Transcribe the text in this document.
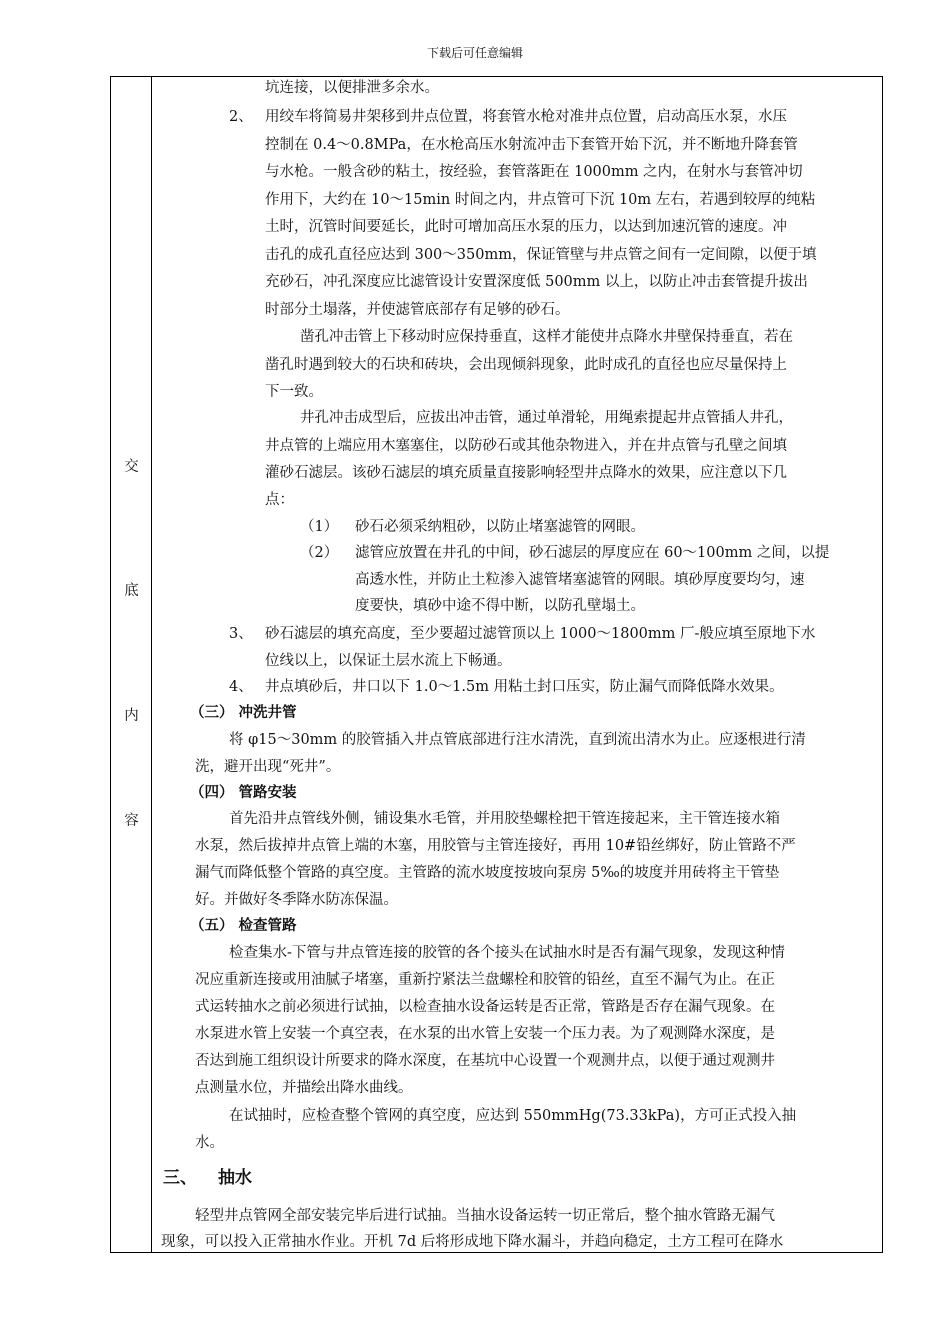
下载后可任意编辑
交
底
内
容
坑连接，以便排泄多余水。
2、 用绞车将简易井架移到井点位置，将套管水枪对准井点位置，启动高压水泵，水压
控制在 0.4～0.8MPa，在水枪高压水射流冲击下套管开始下沉，并不断地升降套管
与水枪。一般含砂的粘土，按经验，套管落距在 1000mm 之内，在射水与套管冲切
作用下，大约在 10～15min 时间之内，井点管可下沉 10m 左右，若遇到较厚的纯粘
土时，沉管时间要延长，此时可增加高压水泵的压力，以达到加速沉管的速度。冲
击孔的成孔直径应达到 300～350mm，保证管壁与井点管之间有一定间隙，以便于填
充砂石，冲孔深度应比滤管设计安置深度低 500mm 以上，以防止冲击套管提升拔出
时部分土塌落，并使滤管底部存有足够的砂石。
凿孔冲击管上下移动时应保持垂直，这样才能使井点降水井壁保持垂直，若在
凿孔时遇到较大的石块和砖块，会出现倾斜现象，此时成孔的直径也应尽量保持上
下一致。
井孔冲击成型后，应拔出冲击管，通过单滑轮，用绳索提起井点管插人井孔，
井点管的上端应用木塞塞住，以防砂石或其他杂物进入，并在井点管与孔壁之间填
灌砂石滤层。该砂石滤层的填充质量直接影响轻型井点降水的效果，应注意以下几
点：
（1） 砂石必须采纳粗砂，以防止堵塞滤管的网眼。
（2） 滤管应放置在井孔的中间，砂石滤层的厚度应在 60～100mm 之间，以提
高透水性，并防止土粒渗入滤管堵塞滤管的网眼。填砂厚度要均匀，速
度要快，填砂中途不得中断，以防孔壁塌土。
3、 砂石滤层的填充高度，至少要超过滤管顶以上 1000～1800mm 厂-般应填至原地下水
位线以上，以保证土层水流上下畅通。
4、 井点填砂后，井口以下 1.0～1.5m 用粘土封口压实，防止漏气而降低降水效果。
（三） 冲洗井管
将 φ15～30mm 的胶管插入井点管底部进行注水清洗，直到流出清水为止。应逐根进行清
洗，避开出现“死井”。
（四） 管路安装
首先沿井点管线外侧，铺设集水毛管，并用胶垫螺栓把干管连接起来，主干管连接水箱
水泵，然后拔掉井点管上端的木塞，用胶管与主管连接好，再用 10#铅丝绑好，防止管路不严
漏气而降低整个管路的真空度。主管路的流水坡度按坡向泵房 5‰的坡度并用砖将主干管垫
好。并做好冬季降水防冻保温。
（五） 检查管路
检查集水-下管与井点管连接的胶管的各个接头在试抽水时是否有漏气现象，发现这种情
况应重新连接或用油腻子堵塞，重新拧紧法兰盘螺栓和胶管的铅丝，直至不漏气为止。在正
式运转抽水之前必须进行试抽，以检查抽水设备运转是否正常，管路是否存在漏气现象。在
水泵进水管上安装一个真空表，在水泵的出水管上安装一个压力表。为了观测降水深度，是
否达到施工组织设计所要求的降水深度，在基坑中心设置一个观测井点，以便于通过观测井
点测量水位，并描绘出降水曲线。
在试抽时，应检查整个管网的真空度，应达到 550mmHg(73.33kPa)，方可正式投入抽
水。
三、 抽水
轻型井点管网全部安装完毕后进行试抽。当抽水设备运转一切正常后，整个抽水管路无漏气
现象，可以投入正常抽水作业。开机 7d 后将形成地下降水漏斗，并趋向稳定，土方工程可在降水
